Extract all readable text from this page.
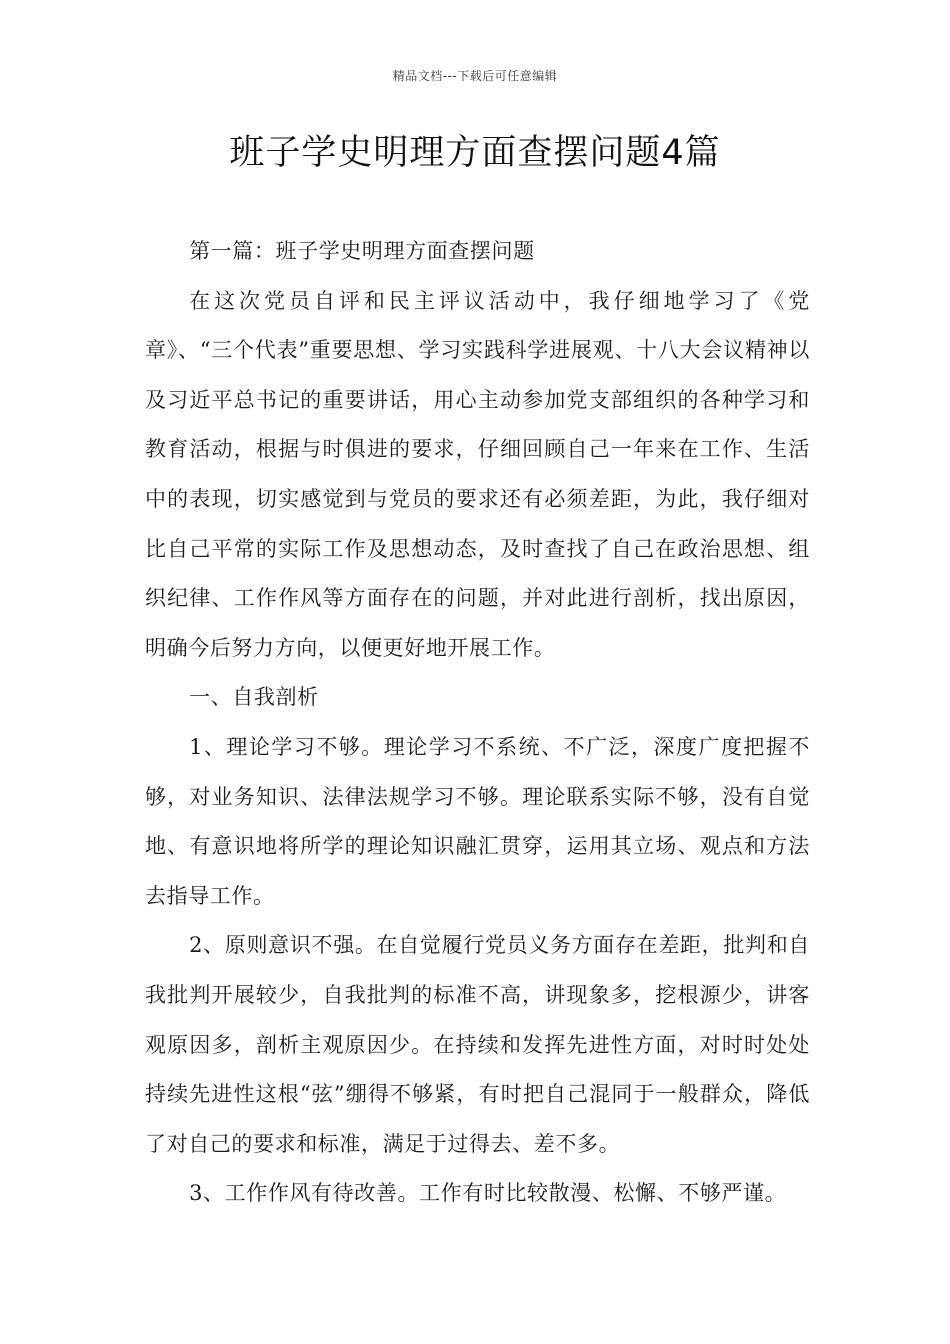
精品文档---下载后可任意编辑
班子学史明理方面查摆问题4篇

第一篇：班子学史明理方面查摆问题

在这次党员自评和民主评议活动中，我仔细地学习了《党章》、“三个代表”重要思想、学习实践科学进展观、十八大会议精神以及习近平总书记的重要讲话，用心主动参加党支部组织的各种学习和教育活动，根据与时俱进的要求，仔细回顾自己一年来在工作、生活中的表现，切实感觉到与党员的要求还有必须差距，为此，我仔细对比自己平常的实际工作及思想动态，及时查找了自己在政治思想、组织纪律、工作作风等方面存在的问题，并对此进行剖析，找出原因，明确今后努力方向，以便更好地开展工作。

一、自我剖析

1、理论学习不够。理论学习不系统、不广泛，深度广度把握不够，对业务知识、法律法规学习不够。理论联系实际不够，没有自觉地、有意识地将所学的理论知识融汇贯穿，运用其立场、观点和方法去指导工作。

2、原则意识不强。在自觉履行党员义务方面存在差距，批判和自我批判开展较少，自我批判的标准不高，讲现象多，挖根源少，讲客观原因多，剖析主观原因少。在持续和发挥先进性方面，对时时处处持续先进性这根“弦”绷得不够紧，有时把自己混同于一般群众，降低了对自己的要求和标准，满足于过得去、差不多。

3、工作作风有待改善。工作有时比较散漫、松懈、不够严谨。
